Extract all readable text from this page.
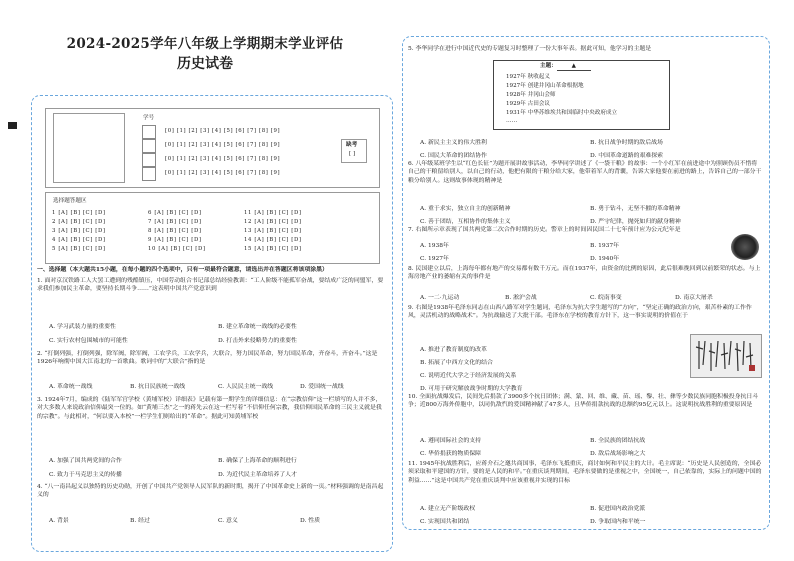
2024-2025学年八年级上学期期末学业评估
历史试卷
学号
[0] [1] [2] [3] [4] [5] [6] [7] [8] [9]
[0] [1] [2] [3] [4] [5] [6] [7] [8] [9]
[0] [1] [2] [3] [4] [5] [6] [7] [8] [9]
[0] [1] [2] [3] [4] [5] [6] [7] [8] [9]
缺考
[ ]
选择题答题区
1 [A] [B] [C] [D]	6 [A] [B] [C] [D]	11 [A] [B] [C] [D]
2 [A] [B] [C] [D]	7 [A] [B] [C] [D]	12 [A] [B] [C] [D]
3 [A] [B] [C] [D]	8 [A] [B] [C] [D]	13 [A] [B] [C] [D]
4 [A] [B] [C] [D]	9 [A] [B] [C] [D]	14 [A] [B] [C] [D]
5 [A] [B] [C] [D]	10 [A] [B] [C] [D]	15 [A] [B] [C] [D]
一、选择题（本大题共15小题，在每小题的四个选项中，只有一项最符合题意，请选出并在答题区将该项涂黑）
1. 面对京汉铁路工人大罢工遭到的残酷镇压，中国劳动组合书记部总结经验教训：“工人阶级不能孤军奋战，要结成广泛的同盟军，要求我们参加民主革命，要坚持长期斗争……”这表明中国共产党意识到
A. 学习武装力量的重要性	B. 建立革命统一战线的必要性
C. 实行农村包围城市的可能性	D. 打击外来侵略势力的重要性
2. “打倒列强，打倒列强，除军阀，除军阀，工农学兵，工农学兵，大联合，努力国民革命，努力国民革命，齐奋斗，齐奋斗。”这是1926年响彻中国大江南北的一首歌曲。歌词中的“大联合”指的是
A. 革命统一战线	B. 抗日民族统一战线	C. 人民民主统一战线	D. 爱国统一战线
3. 1924年7月，编成的《陆军军官学校（黄埔军校）详细表》记载有第一期学生的详细信息：在“宗教信仰”这一栏填写的人并不多，对大多数人来说政治信仰最突一位的。如“黄埔三杰”之一的蒋先云在这一栏写着“不信仰任何宗教，我信仰国民革命的三民主义就是我的宗教”。与此相对，“何以要入本校”一栏学生们则给出的“革命”。据此可知黄埔军校
A. 加强了国共两党间的合作	B. 确保了上海革命的顺利进行
C. 致力于马克思主义的传播	D. 为近代民主革命培养了人才
4. “八一南昌起义以独特的历史功勋，开创了中国共产党领导人民军队的新时期，揭开了中国革命史上新的一页。”材料强调的是南昌起义的
A. 背景	B. 经过	C. 意义	D. 性质
5. 李华同学在进行中国近代史的专题复习时整理了一份大事年表。据此可知，他学习的主题是
主题：	▲
1927年 秋收起义
1927年 创建井冈山革命根据地
1928年 井冈山会师
1929年 古田会议
1931年 中华苏维埃共和国临时中央政府成立
……
A. 新民主主义的伟大胜利	B. 抗日战争时期的敌后战场
C. 国民大革命的团结协作	D. 中国革命道路的艰难探索
6. 八年级某班学生以“红色长征”为题开展讲故事活动，李华同学讲述了《一袋干粮》的故事：一个小红军在前进途中为照顾伤员不惜将自己的干粮留给别人，以自己的行动，他把有限的干粮分给大家，他带着军人的背囊，告诉大家他要在前进的路上，告诉自己的一部分干粮分给别人。这则故事体现的精神是
A. 重于求实，独立自主的创新精神	B. 勇于钻斗，无坚不摧的革命精神
C. 善于团结，互相协作的集体主义	D. 严守纪律，抛死如归的献身精神
7. 右图所示章表现了国共两党第二次合作时期的历史。警章上的时间因民国二十七年预计应为公元纪年是
A. 1938年	B. 1937年
C. 1927年	D. 1940年
8. 民国建立以后，上海每年都有地产的交易都有数千万元。而在1937年，由资金的比例的原因，此后很难挽回到以前繁荣的状态。与上海房地产业的萎缩有关的事件是
A. 一二·九运动	B. 淞沪会战	C. 皖南事变	D. 南京大屠杀
9. 右图是1938年毛泽东同志在山西八路军对学生题词，毛泽东为抗大学生题写的“方向”，“坚定正确的政治方向，艰苦朴素的工作作风，灵活机动的战略战术”。为抗战输送了大批干部。毛泽东在学校的教育方针下，这一事实说明的价值在于
A. 推进了教育制度的改革
B. 拓展了中西方文化的结合
C. 说明近代大学之于经济发展的关系
D. 可用于研究解放战争时期的大学教育
10. 全面抗战爆发后，民间先后捐款了3900多个抗日团体；满、蒙、回、维、藏、苗、瑶、黎、壮、彝等少数民族同胞积极投身抗日斗争；近800万海外侨胞中，以同仇敌忾的爱国精神献了47多人，且华侨捐款抗战的总额约95亿元以上。这说明抗战胜利的重要原因是
A. 遵同国际社会的支持	B. 全民族的团结抗战
C. 华侨捐获的物质保障	D. 敌后战场影响之大
11. 1945年抗战胜利后，应蒋介石之邀共商国事，毛泽东飞抵重庆，商讨如何和平民主的大计。毛主席说：“历史是人民创造的，全国必须采取和平建国的方针，要的是人民的和平。”在重庆谈判期间，毛泽东要做的是重视之中，全国统一，自己依靠的，实际上的问题中国的利益……”这是中国共产党在重庆谈判中应该重视并实现的目标
A. 建立无产阶级政权	B. 促进国内政治党派
C. 实现国共和团结	D. 争取国内和平统一
